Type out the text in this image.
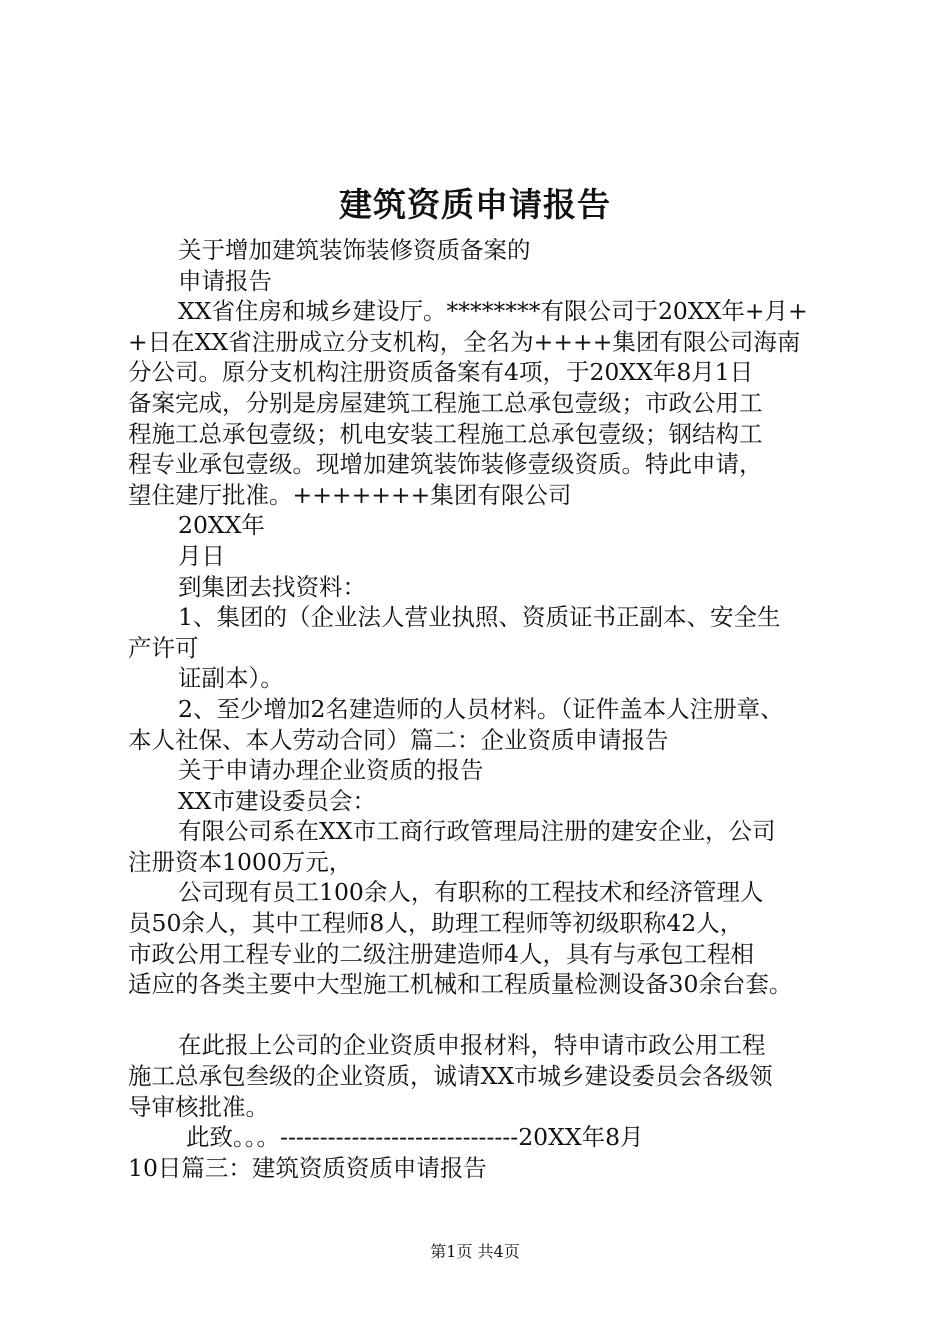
建筑资质申请报告
关于增加建筑装饰装修资质备案的
申请报告
XX省住房和城乡建设厅。********有限公司于20XX年+月+
+日在XX省注册成立分支机构，全名为++++集团有限公司海南
分公司。原分支机构注册资质备案有4项，于20XX年8月1日
备案完成，分别是房屋建筑工程施工总承包壹级；市政公用工
程施工总承包壹级；机电安装工程施工总承包壹级；钢结构工
程专业承包壹级。现增加建筑装饰装修壹级资质。特此申请，
望住建厅批准。+++++++集团有限公司
20XX年
月日
到集团去找资料：
1、集团的（企业法人营业执照、资质证书正副本、安全生
产许可
证副本）。
2、至少增加2名建造师的人员材料。（证件盖本人注册章、
本人社保、本人劳动合同）篇二：企业资质申请报告
关于申请办理企业资质的报告
XX市建设委员会：
有限公司系在XX市工商行政管理局注册的建安企业，公司
注册资本1000万元，
公司现有员工100余人，有职称的工程技术和经济管理人
员50余人，其中工程师8人，助理工程师等初级职称42人，
市政公用工程专业的二级注册建造师4人，具有与承包工程相
适应的各类主要中大型施工机械和工程质量检测设备30余台套。
在此报上公司的企业资质申报材料，特申请市政公用工程
施工总承包叁级的企业资质，诚请XX市城乡建设委员会各级领
导审核批准。
此致。。。------------------------------20XX年8月
10日篇三：建筑资质资质申请报告
第1页 共4页
